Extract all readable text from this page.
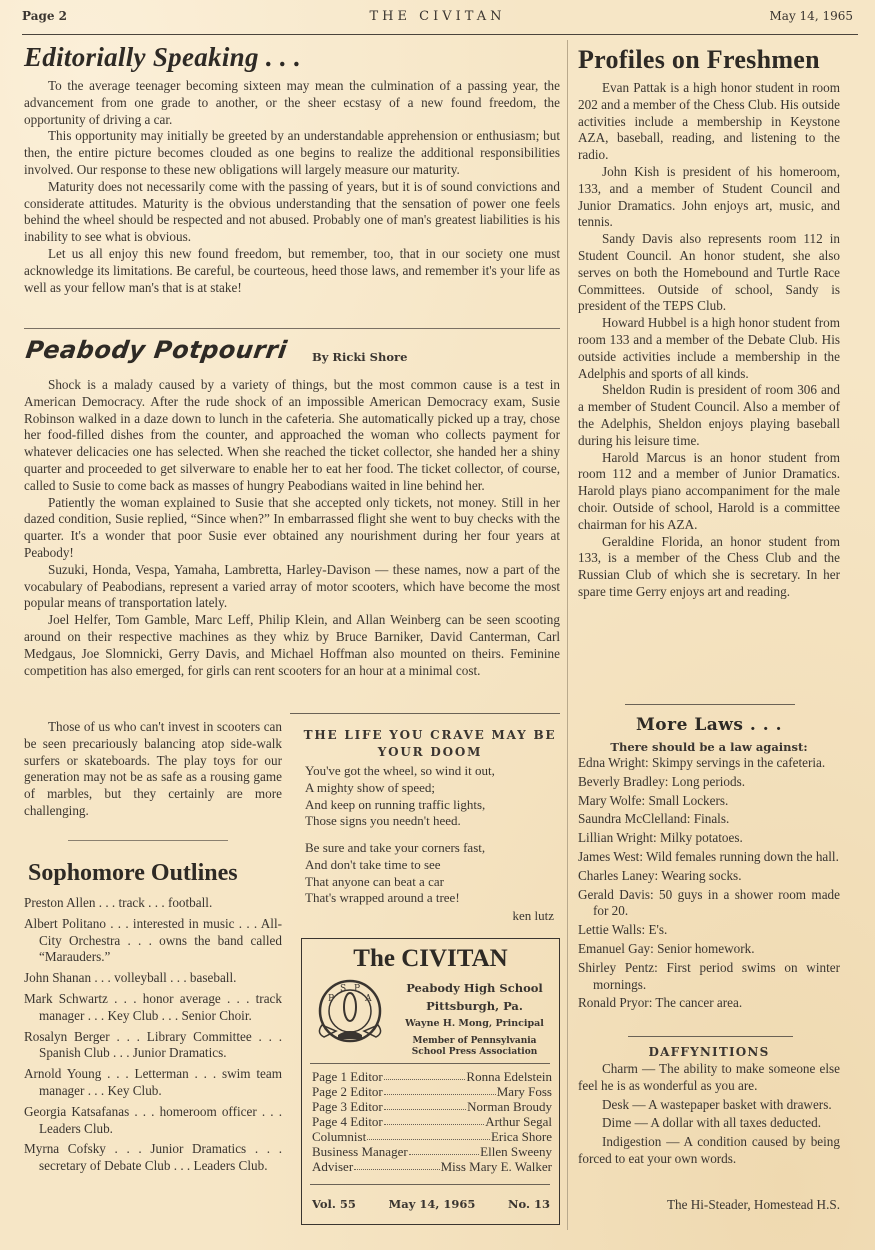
Page 2	THE CIVITAN	May 14, 1965
Editorially Speaking . . .

To the average teenager becoming sixteen may mean the culmination of a passing year, the advancement from one grade to another, or the sheer ecstasy of a new found freedom, the opportunity of driving a car.

This opportunity may initially be greeted by an understandable apprehension or enthusiasm; but then, the entire picture becomes clouded as one begins to realize the additional responsibilities involved. Our response to these new obligations will largely measure our maturity.

Maturity does not necessarily come with the passing of years, but it is of sound convictions and considerate attitudes. Maturity is the obvious understanding that the sensation of power one feels behind the wheel should be respected and not abused. Probably one of man's greatest liabilities is his inability to see what is obvious.

Let us all enjoy this new found freedom, but remember, too, that in our society one must acknowledge its limitations. Be careful, be courteous, heed those laws, and remember it's your life as well as your fellow man's that is at stake!

Peabody Potpourri By Ricki Shore

Shock is a malady caused by a variety of things, but the most common cause is a test in American Democracy. After the rude shock of an impossible American Democracy exam, Susie Robinson walked in a daze down to lunch in the cafeteria. She automatically picked up a tray, chose her food-filled dishes from the counter, and approached the woman who collects payment for whatever delicacies one has selected. When she reached the ticket collector, she handed her a shiny quarter and proceeded to get silverware to enable her to eat her food. The ticket collector, of course, called to Susie to come back as masses of hungry Peabodians waited in line behind her.

Patiently the woman explained to Susie that she accepted only tickets, not money. Still in her dazed condition, Susie replied, “Since when?” In embarrassed flight she went to buy checks with the quarter. It's a wonder that poor Susie ever obtained any nourishment during her four years at Peabody!

Suzuki, Honda, Vespa, Yamaha, Lambretta, Harley-Davison — these names, now a part of the vocabulary of Peabodians, represent a varied array of motor scooters, which have become the most popular means of transportation lately.

Joel Helfer, Tom Gamble, Marc Leff, Philip Klein, and Allan Weinberg can be seen scooting around on their respective machines as they whiz by Bruce Barniker, David Canterman, Carl Medgaus, Joe Slomnicki, Gerry Davis, and Michael Hoffman also mounted on theirs. Feminine competition has also emerged, for girls can rent scooters for an hour at a minimal cost.

Those of us who can't invest in scooters can be seen precariously balancing atop side-walk surfers or skateboards. The play toys for our generation may not be as safe as a rousing game of marbles, but they certainly are more challenging.

THE LIFE YOU CRAVE MAY BE YOUR DOOM

You've got the wheel, so wind it out,

A mighty show of speed;

And keep on running traffic lights,

Those signs you needn't heed.

Be sure and take your corners fast,

And don't take time to see

That anyone can beat a car

That's wrapped around a tree!

ken lutz
Sophomore Outlines

Preston Allen . . . track . . . football.

Albert Politano . . . interested in music . . . All-City Orchestra . . . owns the band called “Marauders.”

John Shanan . . . volleyball . . . baseball.

Mark Schwartz . . . honor average . . . track manager . . . Key Club . . . Senior Choir.

Rosalyn Berger . . . Library Committee . . . Spanish Club . . . Junior Dramatics.

Arnold Young . . . Letterman . . . swim team manager . . . Key Club.

Georgia Katsafanas . . . homeroom officer . . . Leaders Club.

Myrna Cofsky . . . Junior Dramatics . . . secretary of Debate Club . . . Leaders Club.

The CIVITAN
P
S P
A
Peabody High School
Pittsburgh, Pa.
Wayne H. Mong, Principal
Member of Pennsylvania
School Press Association
Page 1 Editor	Ronna Edelstein
Page 2 Editor	Mary Foss
Page 3 Editor	Norman Broudy
Page 4 Editor	Arthur Segal
Columnist	Erica Shore
Business Manager	Ellen Sweeny
Adviser	Miss Mary E. Walker
Vol. 55	May 14, 1965	No. 13
Profiles on Freshmen

Evan Pattak is a high honor student in room 202 and a member of the Chess Club. His outside activities include a membership in Keystone AZA, baseball, reading, and listening to the radio.

John Kish is president of his homeroom, 133, and a member of Student Council and Junior Dramatics. John enjoys art, music, and tennis.

Sandy Davis also represents room 112 in Student Council. An honor student, she also serves on both the Homebound and Turtle Race Committees. Outside of school, Sandy is president of the TEPS Club.

Howard Hubbel is a high honor student from room 133 and a member of the Debate Club. His outside activities include a membership in the Adelphis and sports of all kinds.

Sheldon Rudin is president of room 306 and a member of Student Council. Also a member of the Adelphis, Sheldon enjoys playing baseball during his leisure time.

Harold Marcus is an honor student from room 112 and a member of Junior Dramatics. Harold plays piano accompaniment for the male choir. Outside of school, Harold is a committee chairman for his AZA.

Geraldine Florida, an honor student from 133, is a member of the Chess Club and the Russian Club of which she is secretary. In her spare time Gerry enjoys art and reading.

More Laws . . .
There should be a law against:

Edna Wright: Skimpy servings in the cafeteria.

Beverly Bradley: Long periods.

Mary Wolfe: Small Lockers.

Saundra McClelland: Finals.

Lillian Wright: Milky potatoes.

James West: Wild females running down the hall.

Charles Laney: Wearing socks.

Gerald Davis: 50 guys in a shower room made for 20.

Lettie Walls: E's.

Emanuel Gay: Senior homework.

Shirley Pentz: First period swims on winter mornings.

Ronald Pryor: The cancer area.

DAFFYNITIONS

Charm — The ability to make someone else feel he is as wonderful as you are.

Desk — A wastepaper basket with drawers.

Dime — A dollar with all taxes deducted.

Indigestion — A condition caused by being forced to eat your own words.

The Hi-Steader, Homestead H.S.
